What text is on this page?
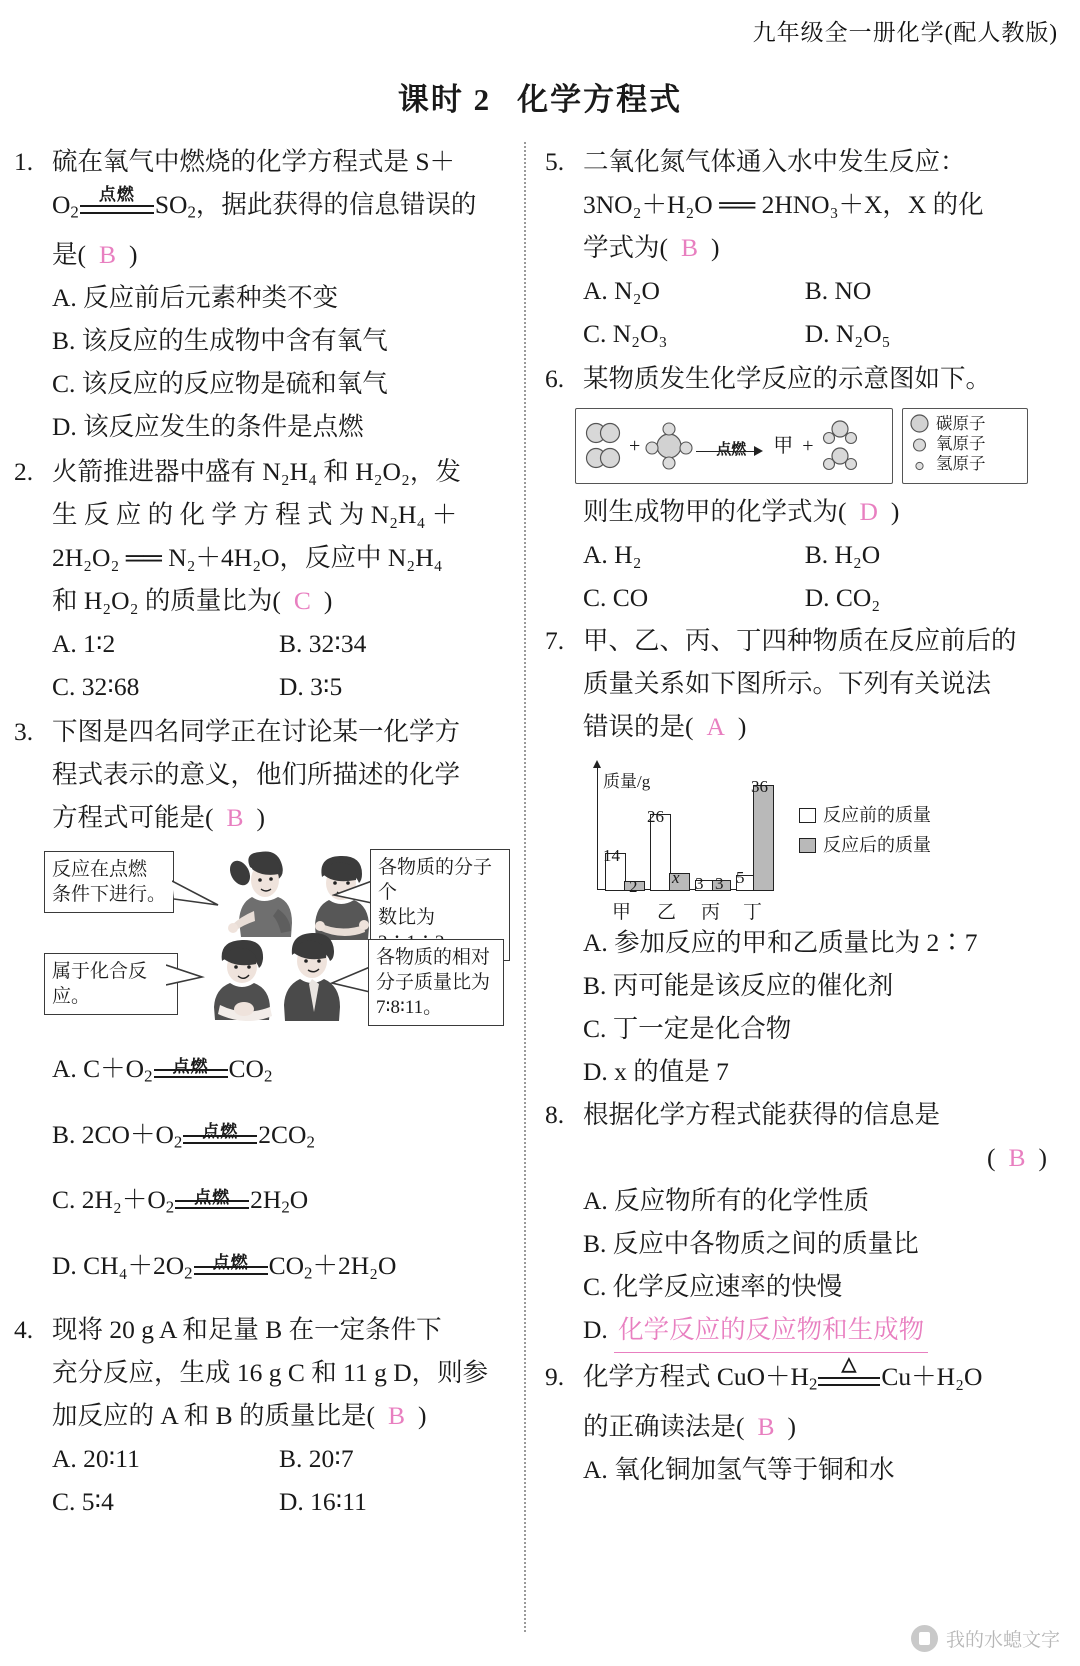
九年级全一册化学(配人教版)
课时 2 化学方程式
1. 硫在氧气中燃烧的化学方程式是 S＋
$O_2$
点燃 $SO_2$，据此获得的信息错误的
是( B )
A. 反应前后元素种类不变
B. 该反应的生成物中含有氧气
C. 该反应的反应物是硫和氧气
D. 该反应发生的条件是点燃
2. 火箭推进器中盛有 N₂H₄ 和 H₂O₂，发
生 反 应 的 化 学 方 程 式 为 N₂H₄ ＋
2H₂O₂ ══ N₂＋4H₂O，反应中 N₂H₄
和 H₂O₂ 的质量比为( C )
A. 1∶2	B. 32∶34
C. 32∶68	D. 3∶5
3. 下图是四名同学正在讨论某一化学方
程式表示的意义，他们所描述的化学
方程式可能是( B )
反应在点燃
条件下进行。
各物质的分子个
数比为
属于化合反应。
各物质的相对
分子质量比为
7∶8∶11。
A. $C+O_2$
点燃 $CO_2$
B. $2CO+O_2$
点燃 $2CO_2$
C. $2H_2+O_2$
点燃 $2H_2O$
D. $CH_4+2O_2$
点燃 $CO_2+2H_2O$
4. 现将 20 g A 和足量 B 在一定条件下
充分反应，生成 16 g C 和 11 g D，则参
加反应的 A 和 B 的质量比是( B )
A. 20∶11	B. 20∶7
C. 5∶4	D. 16∶11
5. 二氧化氮气体通入水中发生反应：
3NO₂＋H₂O ══ 2HNO₃＋X，X 的化
学式为( B )
A. N₂O	B. NO
C. N₂O₃	D. N₂O₅
6. 某物质发生化学反应的示意图如下。
+	点燃 甲 +
碳原子
氧原子
氢原子
则生成物甲的化学式为( D )
A. H₂	B. H₂O
C. CO	D. CO₂
7. 甲、乙、丙、丁四种物质在反应前后的
质量关系如下图所示。下列有关说法
错误的是( A )
质量/g
14
2
26
x 3 3 5
36
甲 乙 丙 丁
反应前的质量
反应后的质量
A. 参加反应的甲和乙质量比为 2∶7
B. 丙可能是该反应的催化剂
C. 丁一定是化合物
D. x 的值是 7
8. 根据化学方程式能获得的信息是
( B )
A. 反应物所有的化学性质
B. 反应中各物质之间的质量比
C. 化学反应速率的快慢
D. 化学反应的反应物和生成物
9. 化学方程式 $CuO+H_2$
△ Cu＋H₂O
的正确读法是( B )
A. 氧化铜加氢气等于铜和水
我的水螅文字
